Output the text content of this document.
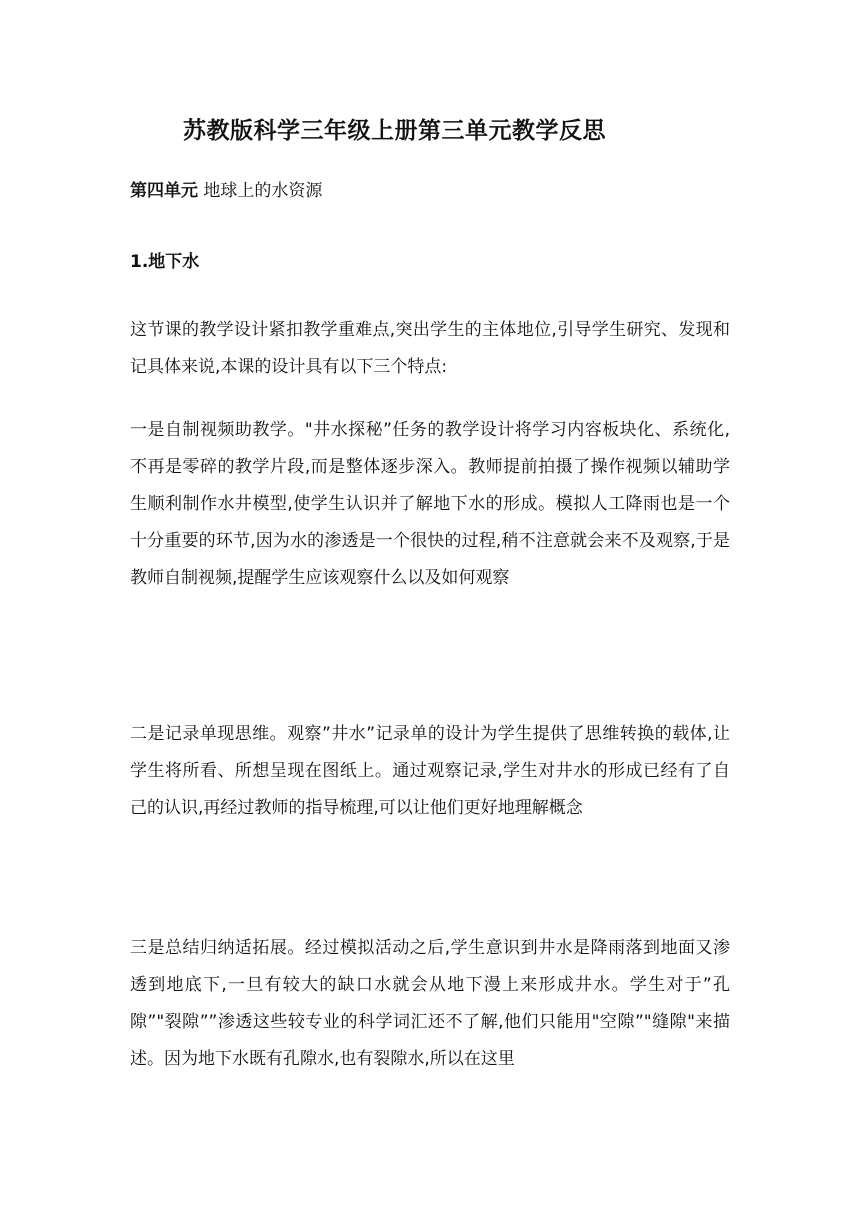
苏教版科学三年级上册第三单元教学反思

第四单元 地球上的水资源

1.地下水

这节课的教学设计紧扣教学重难点,突出学生的主体地位,引导学生研究、发现和记具体来说,本课的设计具有以下三个特点:

一是自制视频助教学。"井水探秘”任务的教学设计将学习内容板块化、系统化,不再是零碎的教学片段,而是整体逐步深入。教师提前拍摄了操作视频以辅助学生顺利制作水井模型,使学生认识并了解地下水的形成。模拟人工降雨也是一个十分重要的环节,因为水的渗透是一个很快的过程,稍不注意就会来不及观察,于是教师自制视频,提醒学生应该观察什么以及如何观察

二是记录单现思维。观察”井水”记录单的设计为学生提供了思维转换的载体,让学生将所看、所想呈现在图纸上。通过观察记录,学生对井水的形成已经有了自己的认识,再经过教师的指导梳理,可以让他们更好地理解概念

三是总结归纳适拓展。经过模拟活动之后,学生意识到井水是降雨落到地面又渗透到地底下,一旦有较大的缺口水就会从地下漫上来形成井水。学生对于”孔隙”"裂隙””渗透这些较专业的科学词汇还不了解,他们只能用"空隙”"缝隙"来描述。因为地下水既有孔隙水,也有裂隙水,所以在这里
